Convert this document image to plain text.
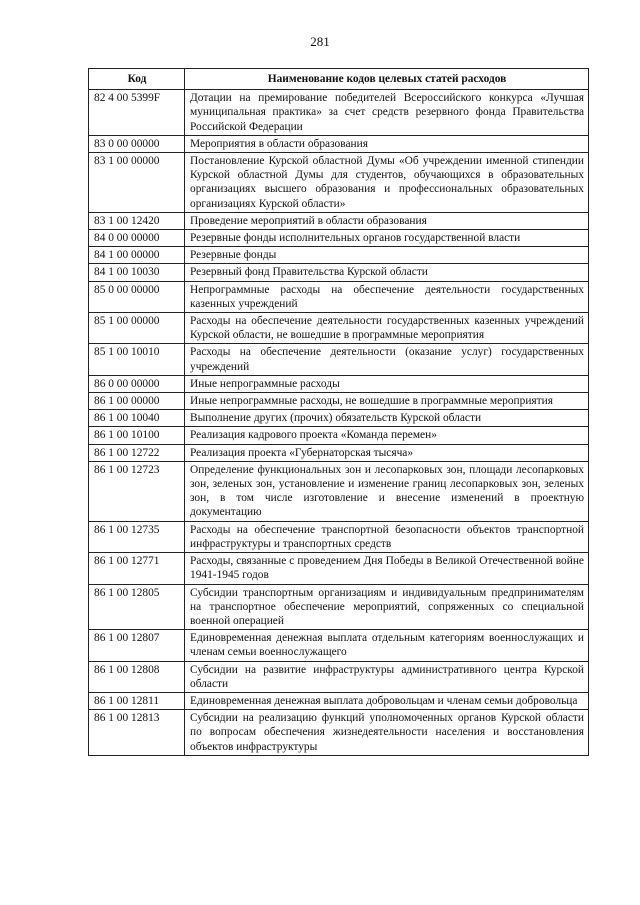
281
Код	Наименование кодов целевых статей расходов
82 4 00 5399F	Дотации на премирование победителей Всероссийского конкурса «Лучшая муниципальная практика» за счет средств резервного фонда Правительства Российской Федерации
83 0 00 00000	Мероприятия в области образования
83 1 00 00000	Постановление Курской областной Думы «Об учреждении именной стипендии Курской областной Думы для студентов, обучающихся в образовательных организациях высшего образования и профессиональных образовательных организациях Курской области»
83 1 00 12420	Проведение мероприятий в области образования
84 0 00 00000	Резервные фонды исполнительных органов государственной власти
84 1 00 00000	Резервные фонды
84 1 00 10030	Резервный фонд Правительства Курской области
85 0 00 00000	Непрограммные расходы на обеспечение деятельности государственных казенных учреждений
85 1 00 00000	Расходы на обеспечение деятельности государственных казенных учреждений Курской области, не вошедшие в программные мероприятия
85 1 00 10010	Расходы на обеспечение деятельности (оказание услуг) государственных учреждений
86 0 00 00000	Иные непрограммные расходы
86 1 00 00000	Иные непрограммные расходы, не вошедшие в программные мероприятия
86 1 00 10040	Выполнение других (прочих) обязательств Курской области
86 1 00 10100	Реализация кадрового проекта «Команда перемен»
86 1 00 12722	Реализация проекта «Губернаторская тысяча»
86 1 00 12723	Определение функциональных зон и лесопарковых зон, площади лесопарковых зон, зеленых зон, установление и изменение границ лесопарковых зон, зеленых зон, в том числе изготовление и внесение изменений в проектную документацию
86 1 00 12735	Расходы на обеспечение транспортной безопасности объектов транспортной инфраструктуры и транспортных средств
86 1 00 12771	Расходы, связанные с проведением Дня Победы в Великой Отечественной войне 1941-1945 годов
86 1 00 12805	Субсидии транспортным организациям и индивидуальным предпринимателям на транспортное обеспечение мероприятий, сопряженных со специальной военной операцией
86 1 00 12807	Единовременная денежная выплата отдельным категориям военнослужащих и членам семьи военнослужащего
86 1 00 12808	Субсидии на развитие инфраструктуры административного центра Курской области
86 1 00 12811	Единовременная денежная выплата добровольцам и членам семьи добровольца
86 1 00 12813	Субсидии на реализацию функций уполномоченных органов Курской области по вопросам обеспечения жизнедеятельности населения и восстановления объектов инфраструктуры
